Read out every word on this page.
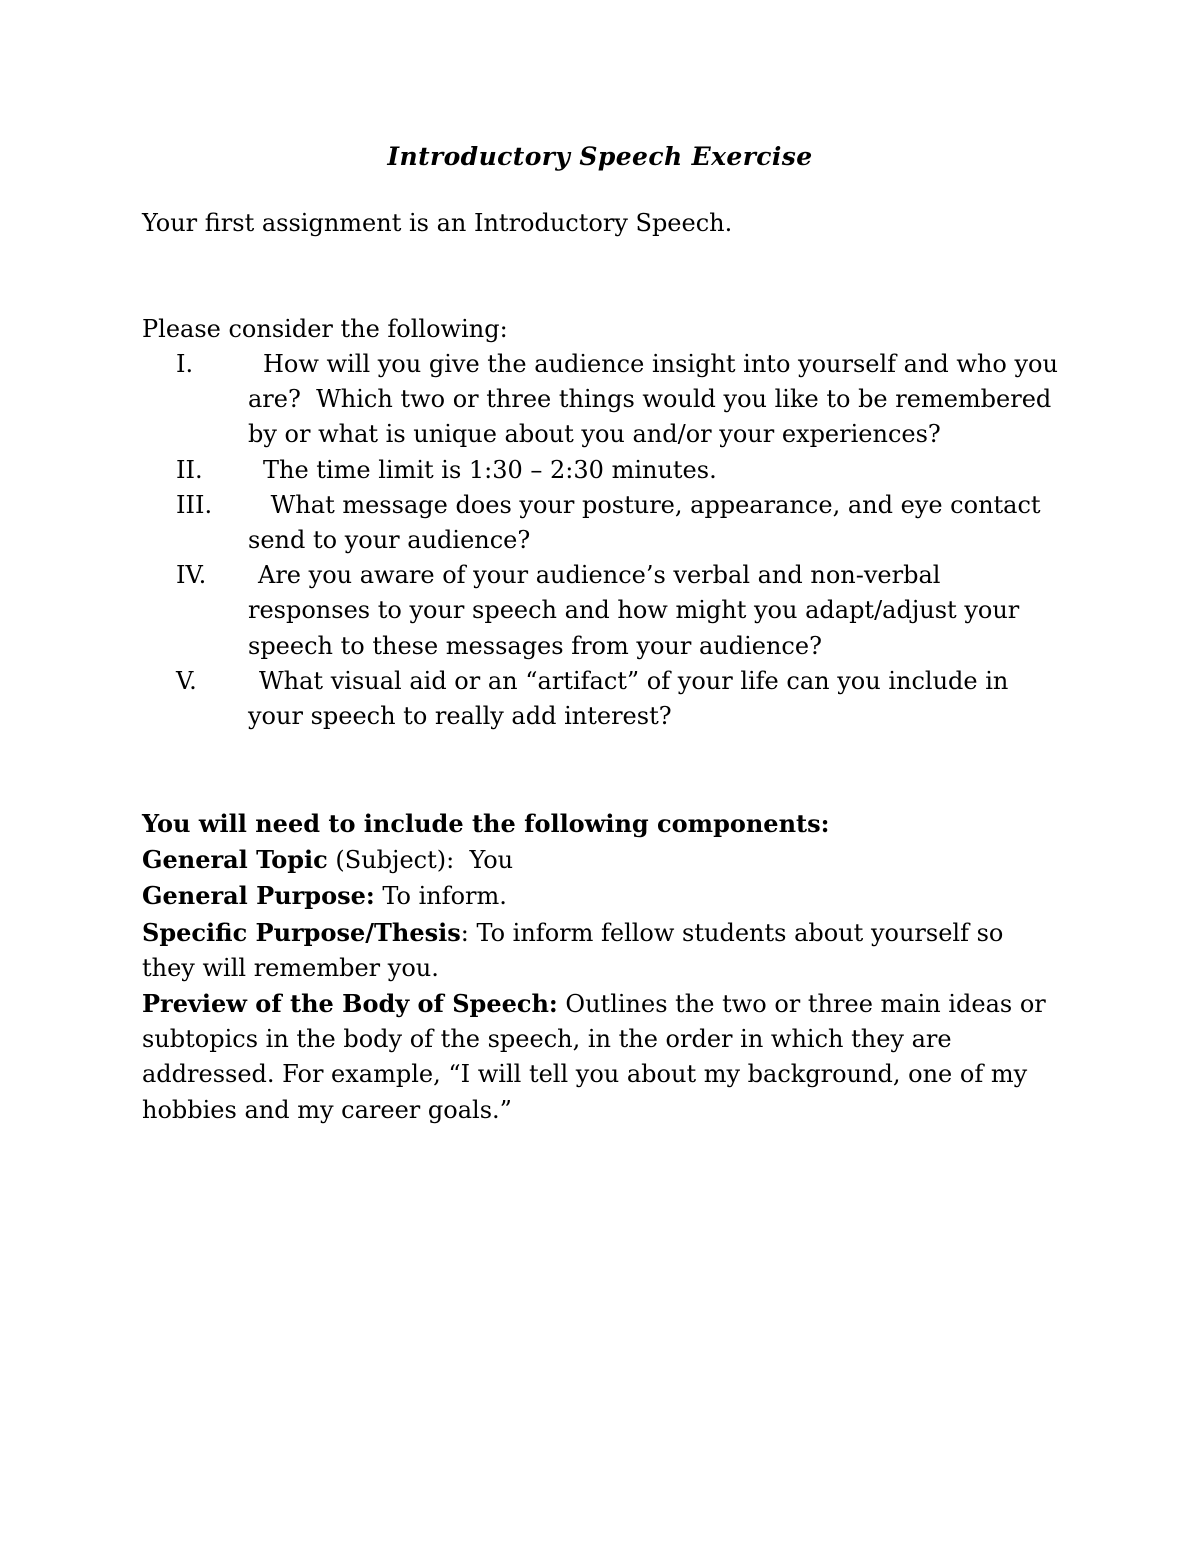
Introductory Speech Exercise
Your first assignment is an Introductory Speech.
Please consider the following:
I.	How will you give the audience insight into yourself and who you   are?  Which two or three things would you like to be remembered by or what is unique about you and/or your experiences?
II.	The time limit is 1:30 – 2:30 minutes.
III.	What message does your posture, appearance, and eye contact send to your audience?
IV.	Are you aware of your audience’s verbal and non-verbal responses to your speech and how might you adapt/adjust your speech to these messages from your audience?
V.	What visual aid or an “artifact” of your life can you include in your speech to really add interest?

You will need to include the following components:

General Topic (Subject):  You

General Purpose: To inform.

Specific Purpose/Thesis: To inform fellow students about yourself so they will remember you.

Preview of the Body of Speech: Outlines the two or three main ideas or subtopics in the body of the speech, in the order in which they are addressed. For example, “I will tell you about my background, one of my hobbies and my career goals.”
